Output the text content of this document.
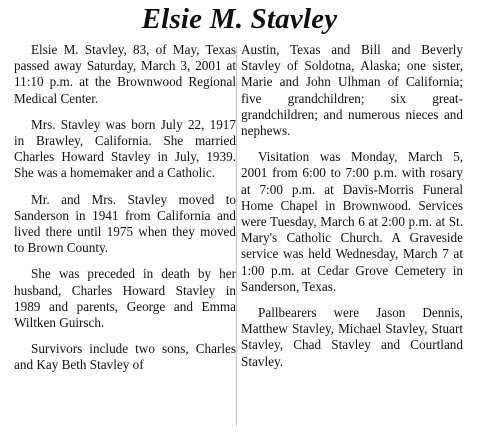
Elsie M. Stavley

Elsie M. Stavley, 83, of May, Texas passed away Saturday, March 3, 2001 at 11:10 p.m. at the Brownwood Regional Medical Center.

Mrs. Stavley was born July 22, 1917 in Brawley, California. She married Charles Howard Stavley in July, 1939. She was a homemaker and a Catholic.

Mr. and Mrs. Stavley moved to Sanderson in 1941 from California and lived there until 1975 when they moved to Brown County.

She was preceded in death by her husband, Charles Howard Stavley in 1989 and parents, George and Emma Wiltken Guirsch.

Survivors include two sons, Charles and Kay Beth Stavley of

Austin, Texas and Bill and Beverly Stavley of Soldotna, Alaska; one sister, Marie and John Ulhman of California; five grandchildren; six great-grandchildren; and numerous nieces and nephews.

Visitation was Monday, March 5, 2001 from 6:00 to 7:00 p.m. with rosary at 7:00 p.m. at Davis-Morris Funeral Home Chapel in Brownwood. Services were Tuesday, March 6 at 2:00 p.m. at St. Mary's Catholic Church. A Graveside service was held Wednesday, March 7 at 1:00 p.m. at Cedar Grove Cemetery in Sanderson, Texas.

Pallbearers were Jason Dennis, Matthew Stavley, Michael Stavley, Stuart Stavley, Chad Stavley and Courtland Stavley.
